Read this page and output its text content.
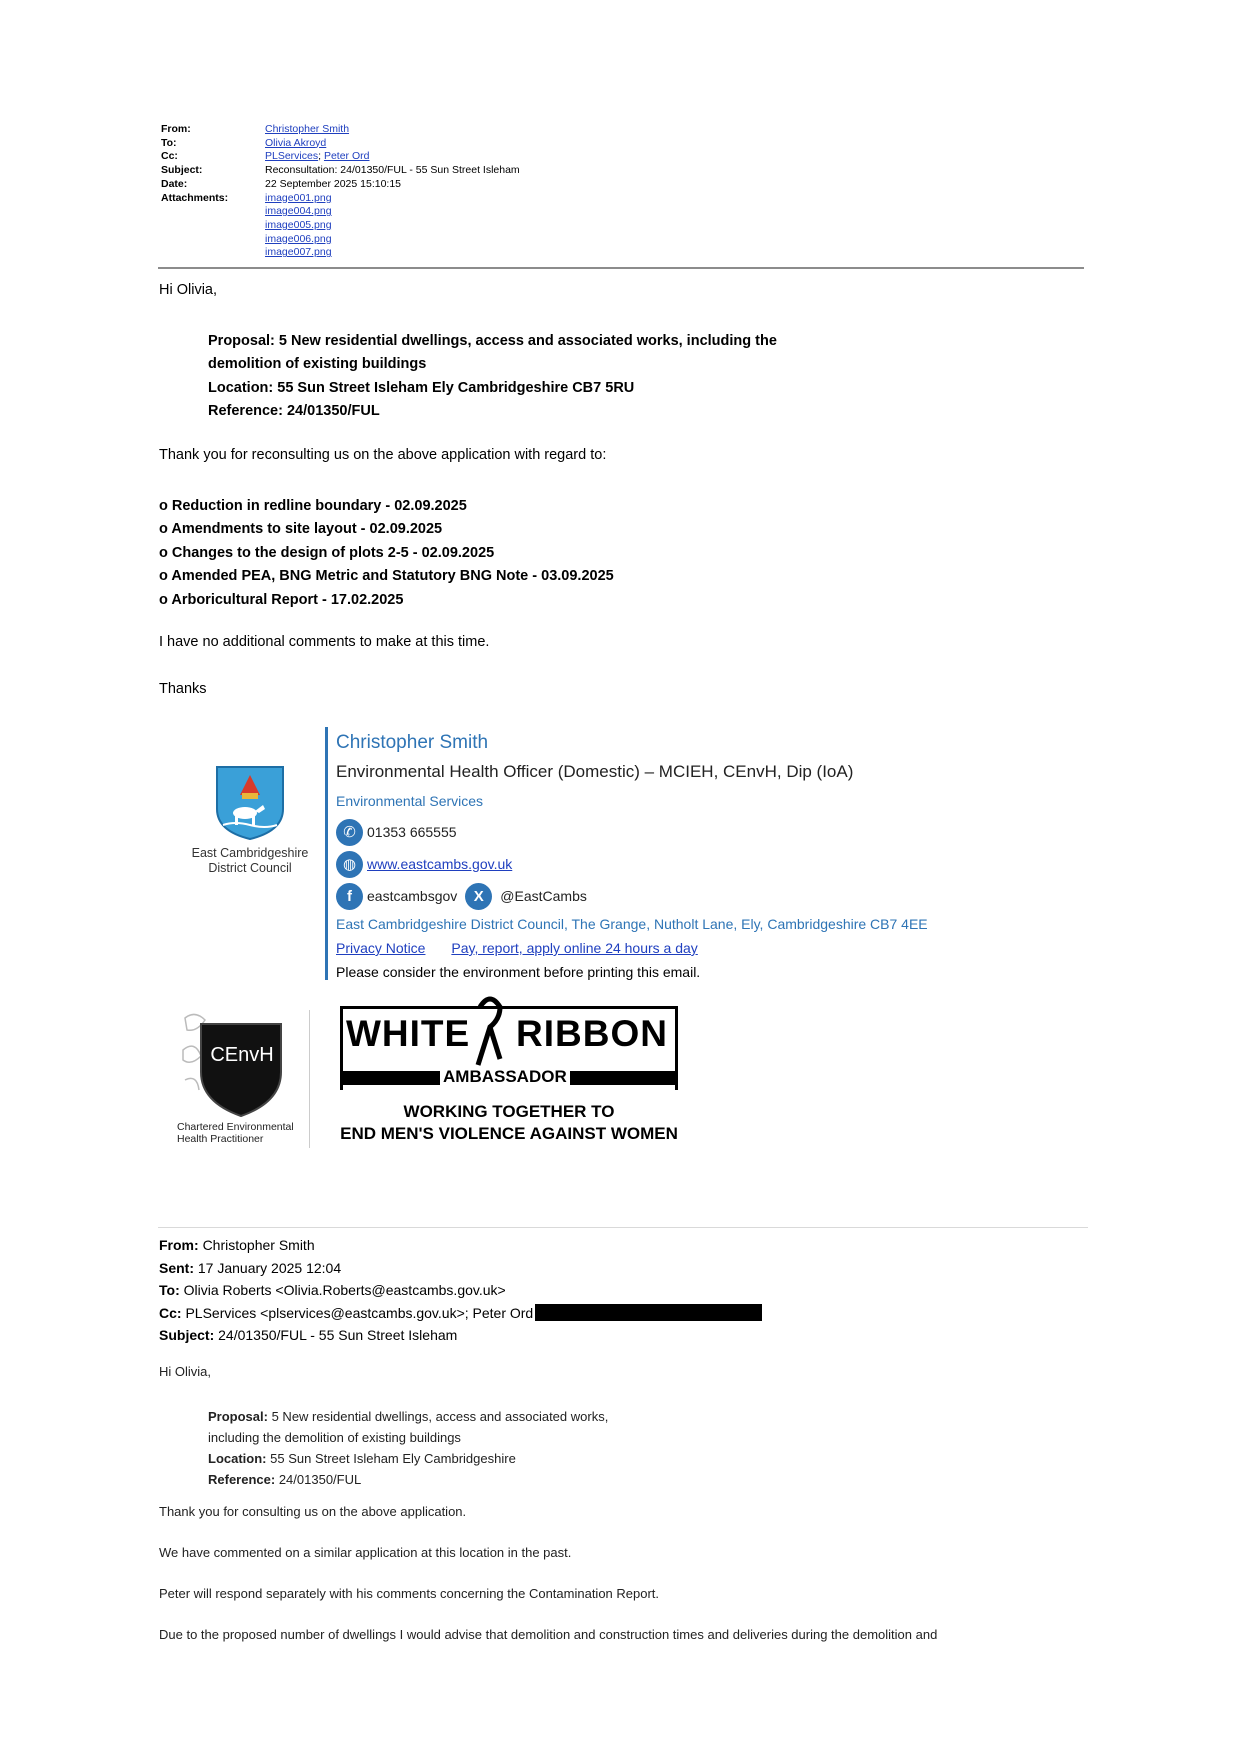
From:	Christopher Smith
To:	Olivia Akroyd
Cc:	PLServices; Peter Ord
Subject:	Reconsultation: 24/01350/FUL - 55 Sun Street Isleham
Date:	22 September 2025 15:10:15
Attachments:	image001.png
image004.png
image005.png
image006.png
image007.png
Hi Olivia,
Proposal: 5 New residential dwellings, access and associated works, including the
demolition of existing buildings
Location: 55 Sun Street Isleham Ely Cambridgeshire CB7 5RU
Reference: 24/01350/FUL
Thank you for reconsulting us on the above application with regard to:
o Reduction in redline boundary - 02.09.2025
o Amendments to site layout - 02.09.2025
o Changes to the design of plots 2-5 - 02.09.2025
o Amended PEA, BNG Metric and Statutory BNG Note - 03.09.2025
o Arboricultural Report - 17.02.2025
I have no additional comments to make at this time.
Thanks
East Cambridgeshire
District Council
Christopher Smith
Environmental Health Officer (Domestic) – MCIEH, CEnvH, Dip (IoA)
Environmental Services
✆ 01353 665555
◍ www.eastcambs.gov.uk
f	eastcambsgov	X	@EastCambs
East Cambridgeshire District Council, The Grange, Nutholt Lane, Ely, Cambridgeshire CB7 4EE
Privacy Notice Pay, report, apply online 24 hours a day
Please consider the environment before printing this email.
CEnvH
Chartered Environmental
Health Practitioner
WHITE RIBBON
AMBASSADOR
WORKING TOGETHER TO
END MEN'S VIOLENCE AGAINST WOMEN
From: Christopher Smith
Sent: 17 January 2025 12:04
To: Olivia Roberts <Olivia.Roberts@eastcambs.gov.uk>
Cc: PLServices <plservices@eastcambs.gov.uk>; Peter Ord
Subject: 24/01350/FUL - 55 Sun Street Isleham
Hi Olivia,
Proposal: 5 New residential dwellings, access and associated works,
including the demolition of existing buildings
Location: 55 Sun Street Isleham Ely Cambridgeshire
Reference: 24/01350/FUL
Thank you for consulting us on the above application.
We have commented on a similar application at this location in the past.
Peter will respond separately with his comments concerning the Contamination Report.
Due to the proposed number of dwellings I would advise that demolition and construction times and deliveries during the demolition and
